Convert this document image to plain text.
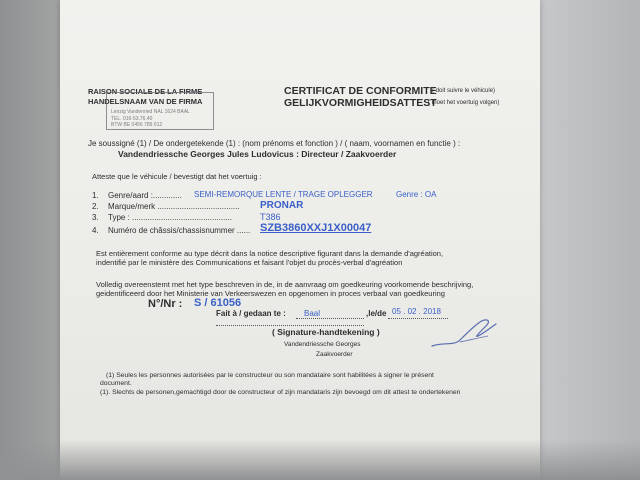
RAISON SOCIALE DE LA FIRME
HANDELSNAAM VAN DE FIRMA
Lenzig Vandenried NAL 1624 BAAL
TEL. 016-53.76.40
BTW BE 0456 789 012
CERTIFICAT DE CONFORMITE
( doit suivre le véhicule)
GELIJKVORMIGHEIDSATTEST
( moet het voertuig volgen)
Je soussigné (1) / De ondergetekende (1) : (nom prénoms et fonction ) / ( naam, voornamen en functie ) :
Vandendriessche Georges Jules Ludovicus : Directeur / Zaakvoerder
Atteste que le véhicule / bevestigt dat het voertuig :
1. Genre/aard :............. SEMI-REMORQUE LENTE / TRAGE OPLEGGER	Genre : OA
2. Marque/merk ..................................... PRONAR
3. Type : .............................................	T386
4. Numéro de châssis/chassisnummer ...... SZB3860XXJ1X00047
Est entièrement conforme au type décrit dans la notice descriptive figurant dans la demande d'agréation,
indentifié par le ministère des Communications et faisant l'objet du procès-verbal d'agréation
Volledig overeenstemt met het type beschreven in de, in de aanvraag om goedkeuring voorkomende beschrijving,
geidentificeerd door het Ministerie van Verkeerswezen en opgenomen in proces verbaal van goedkeuring
N°/Nr : S / 61056
Fait à / gedaan te : Baal	,le/de 05 . 02 . 2018
( Signature-handtekening )
Vandendriessche Georges
Zaakvoerder
(1) Seules les personnes autorisées par le constructeur ou son mandataire sont habilitées à signer le présent
document.
(1). Slechts de personen,gemachtigd door de constructeur of zijn mandataris zijn bevoegd om dit attest te ondertekenen
